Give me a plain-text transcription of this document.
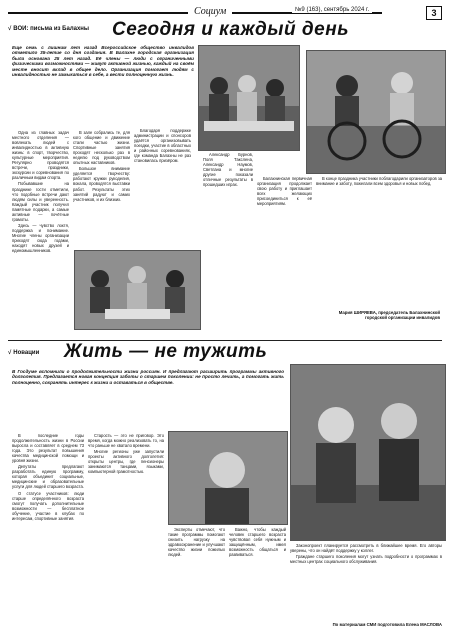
Социум	№9 (163), сентябрь 2024 г.	3
√ ВОИ: письма из Балахны Сегодня и каждый день
Еще семь с лишним лет назад Всероссийское общество инвалидов отметило 35-летие со дня создания. В Балахне городская организация была основана 25 лет назад. Её члены — люди с ограниченными физическими возможностями — живут активной жизнью, каждый на своём месте вносит вклад в общее дело. Организация помогает людям с инвалидностью не замыкаться в себе, а вести полноценную жизнь.

Одна из главных задач местного отделения — вовлекать людей с инвалидностью в активную жизнь: в спорт, творчество, культурные мероприятия. Регулярно проводятся встречи, праздники, экскурсии и соревнования по различным видам спорта.

Побывавшие на празднике гости отметили, что подобные встречи дают людям силы и уверенность. Каждый участник получил памятные подарки, а самые активные — почётные грамоты.

Здесь — чувство локтя, поддержка и понимание. Многие члены организации приходят сюда годами, находят новых друзей и единомышленников.

В зале собрались те, для кого общение и движение стали частью жизни. Спортивные занятия проходят несколько раз в неделю под руководством опытных наставников.

Большое внимание уделяется творчеству: работают кружки рукоделия, вокала, проводятся выставки работ. Результаты этих занятий радуют и самих участников, и их близких.

Благодаря поддержке администрации и спонсоров удаётся организовывать поездки, участие в областных и районных соревнованиях, где команда Балахны не раз становилась призёром.

Александр Бурнов, Поля Такслена, Александр Наумов, Светлана и многие другие показали отличные результаты в прошедших играх.

Балахнинская первичная организация продолжает свою работу и приглашает всех желающих присоединиться к её мероприятиям.

В конце праздника участники поблагодарили организаторов за внимание и заботу, пожелали всем здоровья и новых побед.

Мария ШИРЯЕВА, председатель Балахнинской городской организации инвалидов
√ Новации Жить — не тужить
В Госдуме вспомнили о продолжительности жизни россиян. И предлагают расширить программы активного долголетия. Предлагается новая концепция заботы о старшем поколении: не просто лечить, а помогать жить полноценно, сохранять интерес к жизни и оставаться в обществе.

В последние годы продолжительность жизни в России выросла и составляет в среднем 73 года. Это результат повышения качества медицинской помощи и уровня жизни.

Депутаты предлагают разработать единую программу, которая объединит социальные, медицинские и образовательные услуги для людей старшего возраста.

О статусе участников: люди старше определённого возраста смогут получать дополнительные возможности — бесплатное обучение, участие в клубах по интересам, спортивные занятия.

Старость — это не приговор. Это время, когда можно реализовать то, на что раньше не хватало времени.

Многие регионы уже запустили проекты активного долголетия: открыты центры, где пенсионеры занимаются танцами, языками, компьютерной грамотностью.

Эксперты отмечают, что такие программы помогают снизить нагрузку на здравоохранение и улучшают качество жизни пожилых людей.

Важно, чтобы каждый человек старшего возраста чувствовал себя нужным и защищённым, имел возможность общаться и развиваться.

Законопроект планируется рассмотреть в ближайшее время. Его авторы уверены, что он найдёт поддержку у коллег.

Граждане старшего поколения могут узнать подробности о программах в местных центрах социального обслуживания.

По материалам СМИ подготовила Елена МАСЛОВА
